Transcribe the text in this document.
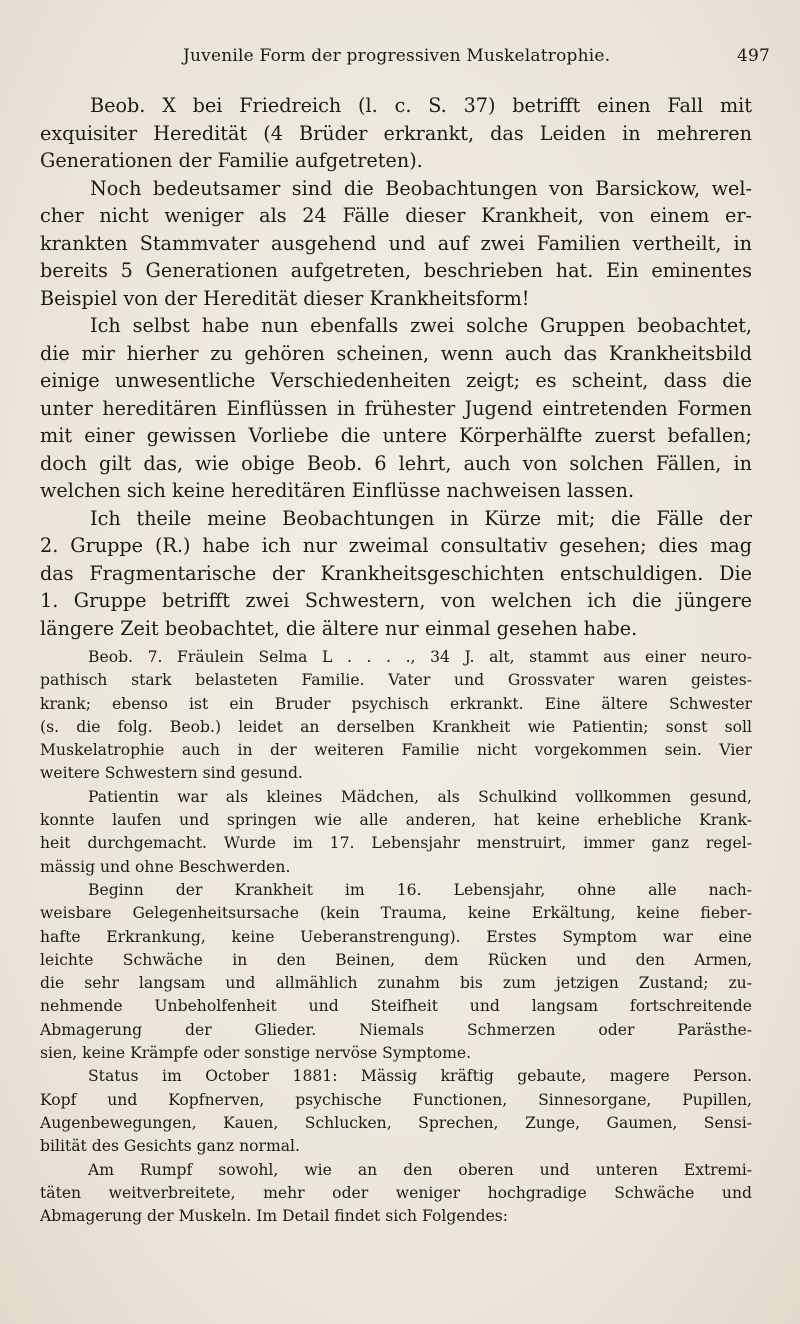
Juvenile Form der progressiven Muskelatrophie.	497

Beob. X bei Friedreich (l. c. S. 37) betrifft einen Fall mit

exquisiter Heredität (4 Brüder erkrankt, das Leiden in mehreren

Generationen der Familie aufgetreten).

Noch bedeutsamer sind die Beobachtungen von Barsickow, wel-

cher nicht weniger als 24 Fälle dieser Krankheit, von einem er-

krankten Stammvater ausgehend und auf zwei Familien vertheilt, in

bereits 5 Generationen aufgetreten, beschrieben hat. Ein eminentes

Beispiel von der Heredität dieser Krankheitsform!

Ich selbst habe nun ebenfalls zwei solche Gruppen beobachtet,

die mir hierher zu gehören scheinen, wenn auch das Krankheitsbild

einige unwesentliche Verschiedenheiten zeigt; es scheint, dass die

unter hereditären Einflüssen in frühester Jugend eintretenden Formen

mit einer gewissen Vorliebe die untere Körperhälfte zuerst befallen;

doch gilt das, wie obige Beob. 6 lehrt, auch von solchen Fällen, in

welchen sich keine hereditären Einflüsse nachweisen lassen.

Ich theile meine Beobachtungen in Kürze mit; die Fälle der

2. Gruppe (R.) habe ich nur zweimal consultativ gesehen; dies mag

das Fragmentarische der Krankheitsgeschichten entschuldigen. Die

1. Gruppe betrifft zwei Schwestern, von welchen ich die jüngere

längere Zeit beobachtet, die ältere nur einmal gesehen habe.

Beob. 7. Fräulein Selma L . . . ., 34 J. alt, stammt aus einer neuro-

pathisch stark belasteten Familie. Vater und Grossvater waren geistes-

krank; ebenso ist ein Bruder psychisch erkrankt. Eine ältere Schwester

(s. die folg. Beob.) leidet an derselben Krankheit wie Patientin; sonst soll

Muskelatrophie auch in der weiteren Familie nicht vorgekommen sein. Vier

weitere Schwestern sind gesund.

Patientin war als kleines Mädchen, als Schulkind vollkommen gesund,

konnte laufen und springen wie alle anderen, hat keine erhebliche Krank-

heit durchgemacht. Wurde im 17. Lebensjahr menstruirt, immer ganz regel-

mässig und ohne Beschwerden.

Beginn der Krankheit im 16. Lebensjahr, ohne alle nach-

weisbare Gelegenheitsursache (kein Trauma, keine Erkältung, keine fieber-

hafte Erkrankung, keine Ueberanstrengung). Erstes Symptom war eine

leichte Schwäche in den Beinen, dem Rücken und den Armen,

die sehr langsam und allmählich zunahm bis zum jetzigen Zustand; zu-

nehmende Unbeholfenheit und Steifheit und langsam fortschreitende

Abmagerung der Glieder. Niemals Schmerzen oder Parästhe-

sien, keine Krämpfe oder sonstige nervöse Symptome.

Status im October 1881: Mässig kräftig gebaute, magere Person.

Kopf und Kopfnerven, psychische Functionen, Sinnesorgane, Pupillen,

Augenbewegungen, Kauen, Schlucken, Sprechen, Zunge, Gaumen, Sensi-

bilität des Gesichts ganz normal.

Am Rumpf sowohl, wie an den oberen und unteren Extremi-

täten weitverbreitete, mehr oder weniger hochgradige Schwäche und

Abmagerung der Muskeln. Im Detail findet sich Folgendes:
